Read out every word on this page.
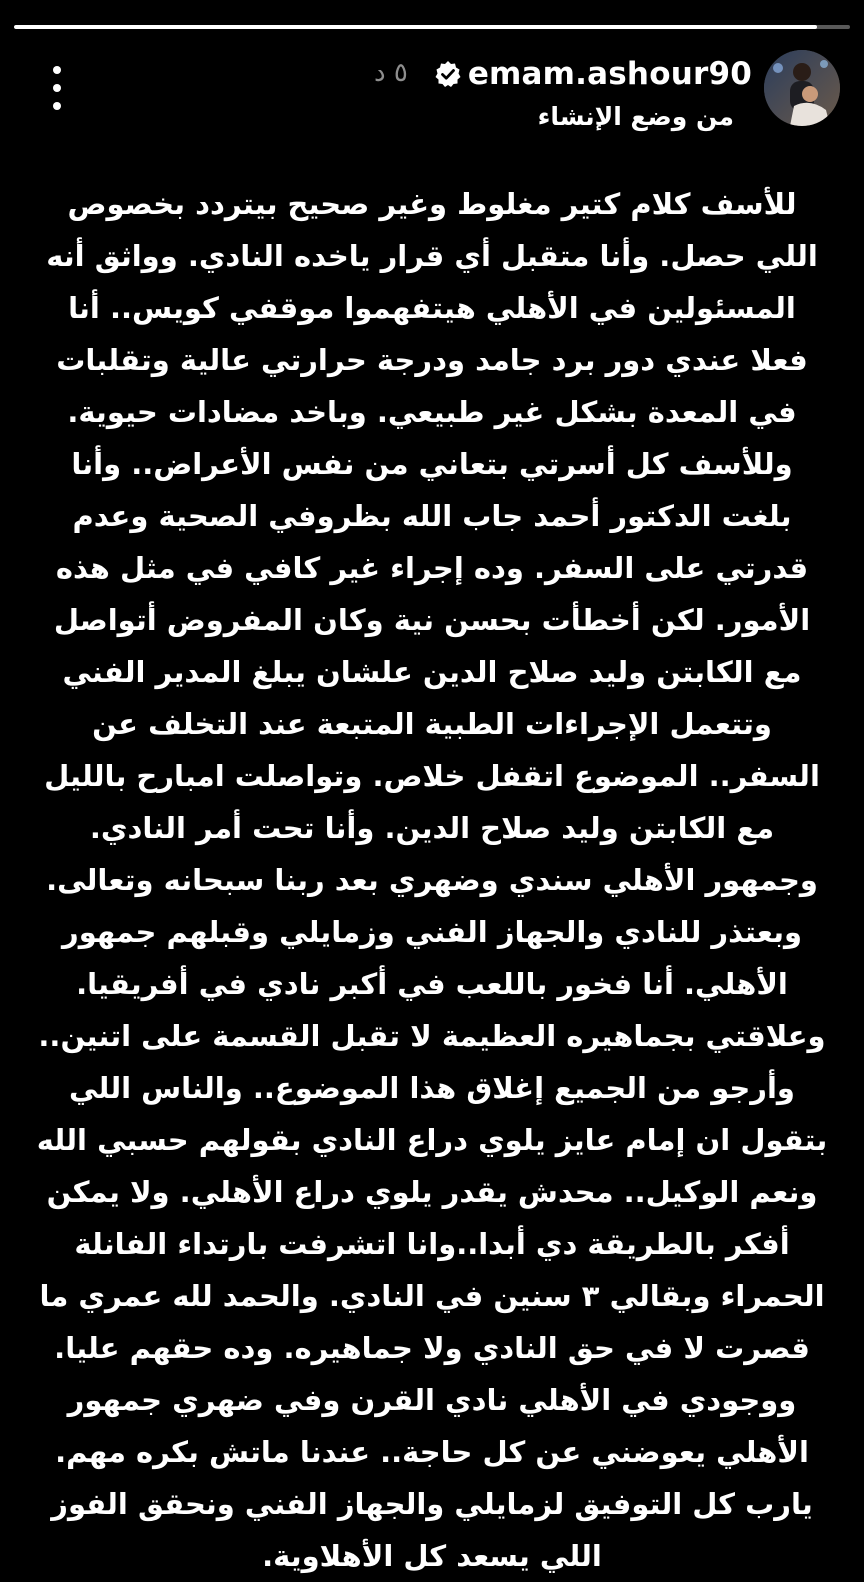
emam.ashour90
٥ د
من وضع الإنشاء

للأسف كلام كتير مغلوط وغير صحيح بيتردد بخصوص اللي حصل. وأنا متقبل أي قرار ياخده النادي. وواثق أنه المسئولين في الأهلي هيتفهموا موقفي كويس.. أنا فعلا عندي دور برد جامد ودرجة حرارتي عالية وتقلبات في المعدة بشكل غير طبيعي. وباخد مضادات حيوية. وللأسف كل أسرتي بتعاني من نفس الأعراض.. وأنا بلغت الدكتور أحمد جاب الله بظروفي الصحية وعدم قدرتي على السفر. وده إجراء غير كافي في مثل هذه الأمور. لكن أخطأت بحسن نية وكان المفروض أتواصل مع الكابتن وليد صلاح الدين علشان يبلغ المدير الفني وتتعمل الإجراءات الطبية المتبعة عند التخلف عن السفر.. الموضوع اتقفل خلاص. وتواصلت امبارح بالليل مع الكابتن وليد صلاح الدين. وأنا تحت أمر النادي. وجمهور الأهلي سندي وضهري بعد ربنا سبحانه وتعالى. وبعتذر للنادي والجهاز الفني وزمايلي وقبلهم جمهور الأهلي. أنا فخور باللعب في أكبر نادي في أفريقيا. وعلاقتي بجماهيره العظيمة لا تقبل القسمة على اتنين.. وأرجو من الجميع إغلاق هذا الموضوع.. والناس اللي بتقول ان إمام عايز يلوي دراع النادي بقولهم حسبي الله ونعم الوكيل.. محدش يقدر يلوي دراع الأهلي. ولا يمكن أفكر بالطريقة دي أبدا..وانا اتشرفت بارتداء الفانلة الحمراء وبقالي ٣ سنين في النادي. والحمد لله عمري ما قصرت لا في حق النادي ولا جماهيره. وده حقهم عليا. ووجودي في الأهلي نادي القرن وفي ضهري جمهور الأهلي يعوضني عن كل حاجة.. عندنا ماتش بكره مهم. يارب كل التوفيق لزمايلي والجهاز الفني ونحقق الفوز اللي يسعد كل الأهلاوية.
